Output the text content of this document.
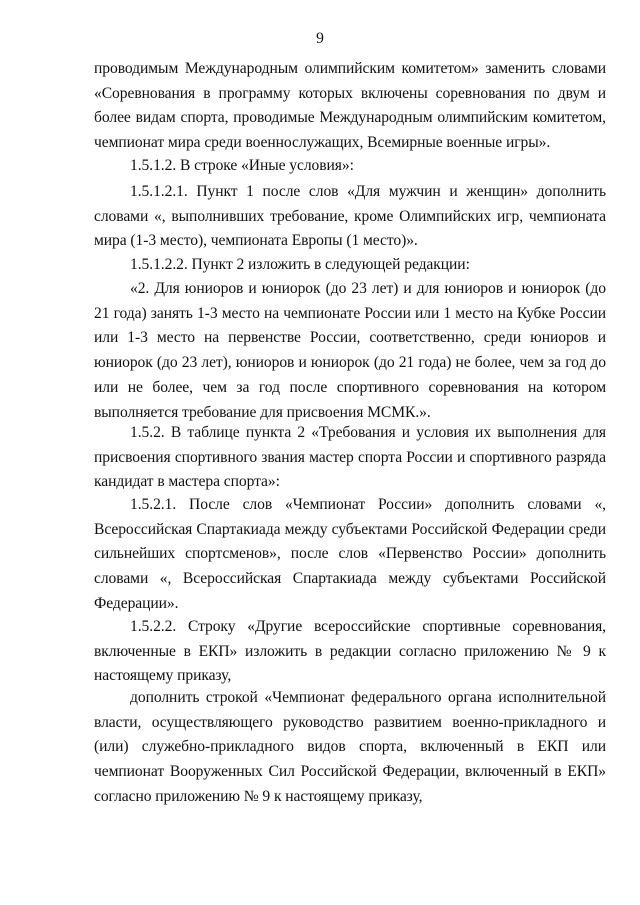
9

проводимым Международным олимпийским комитетом» заменить словами «Соревнования в программу которых включены соревнования по двум и более видам спорта, проводимые Международным олимпийским комитетом, чемпионат мира среди военнослужащих, Всемирные военные игры».

1.5.1.2. В строке «Иные условия»:

1.5.1.2.1. Пункт 1 после слов «Для мужчин и женщин» дополнить словами «, выполнивших требование, кроме Олимпийских игр, чемпионата мира (1-3 место), чемпионата Европы (1 место)».

1.5.1.2.2. Пункт 2 изложить в следующей редакции:

«2. Для юниоров и юниорок (до 23 лет) и для юниоров и юниорок (до 21 года) занять 1-3 место на чемпионате России или 1 место на Кубке России или 1-3 место на первенстве России, соответственно, среди юниоров и юниорок (до 23 лет), юниоров и юниорок (до 21 года) не более, чем за год до или не более, чем за год после спортивного соревнования на котором выполняется требование для присвоения МСМК.».

1.5.2. В таблице пункта 2 «Требования и условия их выполнения для присвоения спортивного звания мастер спорта России и спортивного разряда кандидат в мастера спорта»:

1.5.2.1. После слов «Чемпионат России» дополнить словами «, Всероссийская Спартакиада между субъектами Российской Федерации среди сильнейших спортсменов», после слов «Первенство России» дополнить словами «, Всероссийская Спартакиада между субъектами Российской Федерации».

1.5.2.2. Строку «Другие всероссийские спортивные соревнования, включенные в ЕКП» изложить в редакции согласно приложению № 9 к настоящему приказу,

дополнить строкой «Чемпионат федерального органа исполнительной власти, осуществляющего руководство развитием военно-прикладного и (или) служебно-прикладного видов спорта, включенный в ЕКП или чемпионат Вооруженных Сил Российской Федерации, включенный в ЕКП» согласно приложению № 9 к настоящему приказу,
